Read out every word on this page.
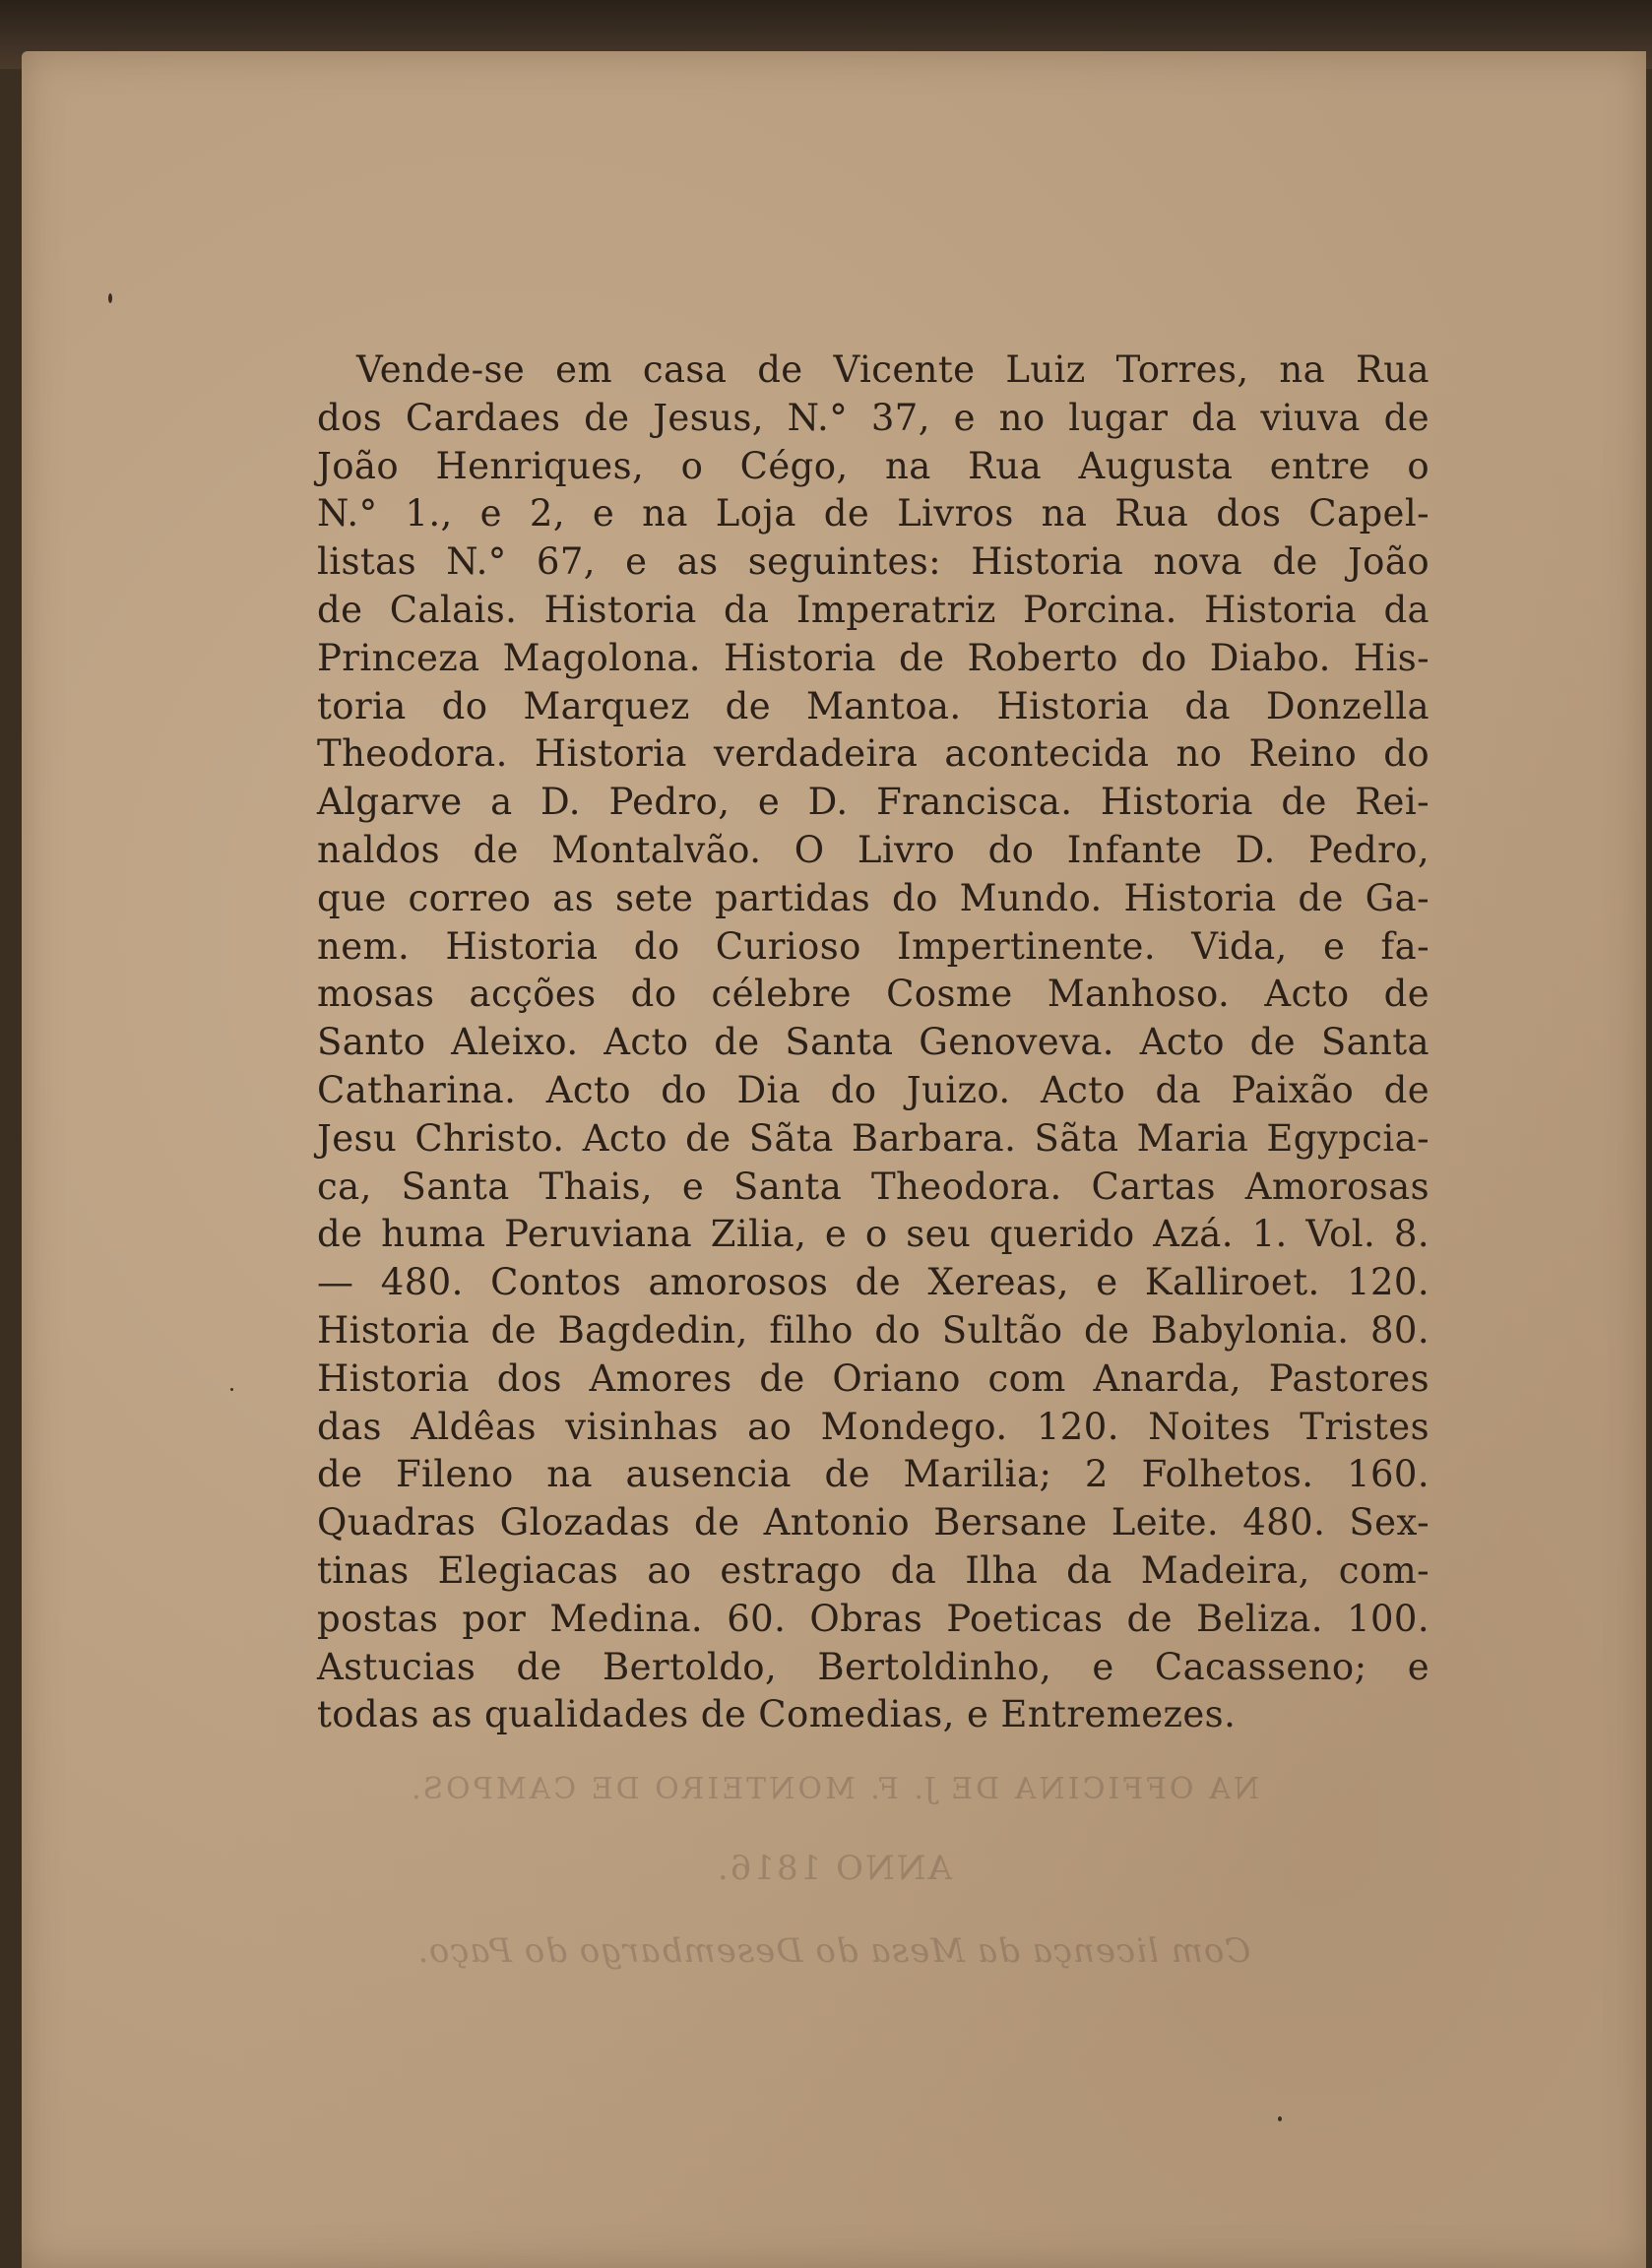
Vende-se em casa de Vicente Luiz Torres, na Rua
dos Cardaes de Jesus, N.° 37, e no lugar da viuva de
João Henriques, o Cégo, na Rua Augusta entre o
N.° 1., e 2, e na Loja de Livros na Rua dos Capel-
listas N.° 67, e as seguintes: Historia nova de João
de Calais. Historia da Imperatriz Porcina. Historia da
Princeza Magolona. Historia de Roberto do Diabo. His-
toria do Marquez de Mantoa. Historia da Donzella
Theodora. Historia verdadeira acontecida no Reino do
Algarve a D. Pedro, e D. Francisca. Historia de Rei-
naldos de Montalvão. O Livro do Infante D. Pedro,
que correo as sete partidas do Mundo. Historia de Ga-
nem. Historia do Curioso Impertinente. Vida, e fa-
mosas acções do célebre Cosme Manhoso. Acto de
Santo Aleixo. Acto de Santa Genoveva. Acto de Santa
Catharina. Acto do Dia do Juizo. Acto da Paixão de
Jesu Christo. Acto de Sãta Barbara. Sãta Maria Egypcia-
ca, Santa Thais, e Santa Theodora. Cartas Amorosas
de huma Peruviana Zilia, e o seu querido Azá. 1. Vol. 8.
— 480. Contos amorosos de Xereas, e Kalliroet. 120.
Historia de Bagdedin, filho do Sultão de Babylonia. 80.
Historia dos Amores de Oriano com Anarda, Pastores
das Aldêas visinhas ao Mondego. 120. Noites Tristes
de Fileno na ausencia de Marilia; 2 Folhetos. 160.
Quadras Glozadas de Antonio Bersane Leite. 480. Sex-
tinas Elegiacas ao estrago da Ilha da Madeira, com-
postas por Medina. 60. Obras Poeticas de Beliza. 100.
Astucias de Bertoldo, Bertoldinho, e Cacasseno; e
todas as qualidades de Comedias, e Entremezes.
NA OFFICINA DE J. F. MONTEIRO DE CAMPOS.
ANNO 1816.
Com licença da Mesa do Desembargo do Paço.
